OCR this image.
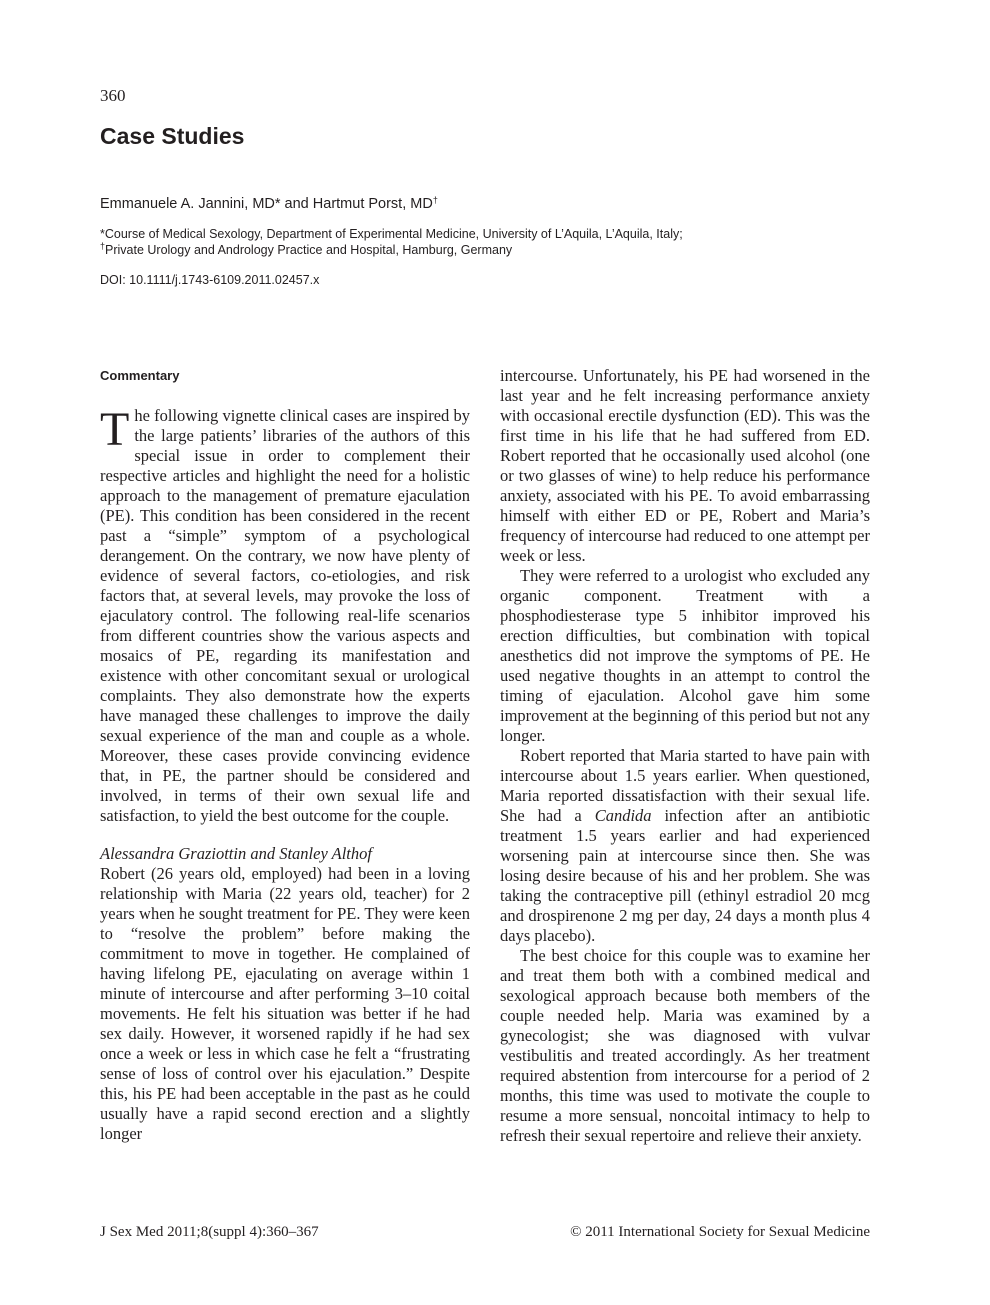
360
Case Studies
Emmanuele A. Jannini, MD* and Hartmut Porst, MD†
*Course of Medical Sexology, Department of Experimental Medicine, University of L’Aquila, L’Aquila, Italy;
†Private Urology and Andrology Practice and Hospital, Hamburg, Germany
DOI: 10.1111/j.1743-6109.2011.02457.x
Commentary

The following vignette clinical cases are inspired by the large patients’ libraries of the authors of this special issue in order to complement their respective articles and highlight the need for a holistic approach to the management of premature ejaculation (PE). This condition has been considered in the recent past a “simple” symptom of a psychological derangement. On the contrary, we now have plenty of evidence of several factors, co-etiologies, and risk factors that, at several levels, may provoke the loss of ejaculatory control. The following real-life scenarios from different countries show the various aspects and mosaics of PE, regarding its manifestation and existence with other concomitant sexual or urological complaints. They also demonstrate how the experts have managed these challenges to improve the daily sexual experience of the man and couple as a whole. Moreover, these cases provide convincing evidence that, in PE, the partner should be considered and involved, in terms of their own sexual life and satisfaction, to yield the best outcome for the couple.

Alessandra Graziottin and Stanley Althof

Robert (26 years old, employed) had been in a loving relationship with Maria (22 years old, teacher) for 2 years when he sought treatment for PE. They were keen to “resolve the problem” before making the commitment to move in together. He complained of having lifelong PE, ejaculating on average within 1 minute of intercourse and after performing 3–10 coital movements. He felt his situation was better if he had sex daily. However, it worsened rapidly if he had sex once a week or less in which case he felt a “frustrating sense of loss of control over his ejaculation.” Despite this, his PE had been acceptable in the past as he could usually have a rapid second erection and a slightly longer

intercourse. Unfortunately, his PE had worsened in the last year and he felt increasing performance anxiety with occasional erectile dysfunction (ED). This was the first time in his life that he had suffered from ED. Robert reported that he occasionally used alcohol (one or two glasses of wine) to help reduce his performance anxiety, associated with his PE. To avoid embarrassing himself with either ED or PE, Robert and Maria’s frequency of intercourse had reduced to one attempt per week or less.

They were referred to a urologist who excluded any organic component. Treatment with a phosphodiesterase type 5 inhibitor improved his erection difficulties, but combination with topical anesthetics did not improve the symptoms of PE. He used negative thoughts in an attempt to control the timing of ejaculation. Alcohol gave him some improvement at the beginning of this period but not any longer.

Robert reported that Maria started to have pain with intercourse about 1.5 years earlier. When questioned, Maria reported dissatisfaction with their sexual life. She had a Candida infection after an antibiotic treatment 1.5 years earlier and had experienced worsening pain at intercourse since then. She was losing desire because of his and her problem. She was taking the contraceptive pill (ethinyl estradiol 20 mcg and drospirenone 2 mg per day, 24 days a month plus 4 days placebo).

The best choice for this couple was to examine her and treat them both with a combined medical and sexological approach because both members of the couple needed help. Maria was examined by a gynecologist; she was diagnosed with vulvar vestibulitis and treated accordingly. As her treatment required abstention from intercourse for a period of 2 months, this time was used to motivate the couple to resume a more sensual, noncoital intimacy to help to refresh their sexual repertoire and relieve their anxiety.

J Sex Med 2011;8(suppl 4):360–367	© 2011 International Society for Sexual Medicine
